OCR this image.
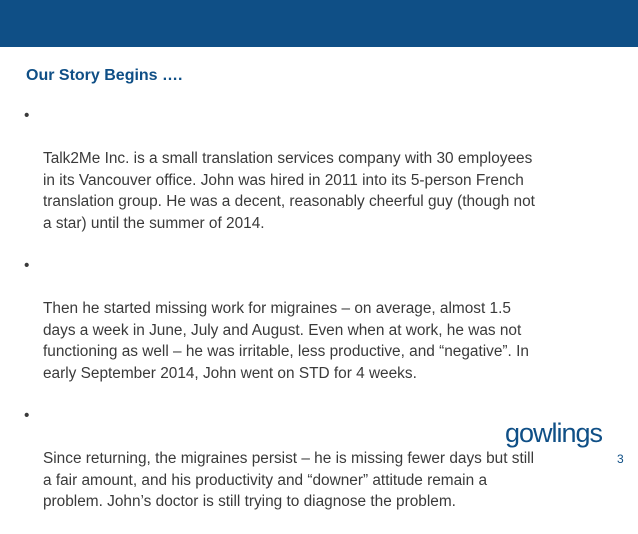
Our Story Begins ….

•

Talk2Me Inc. is a small translation services company with 30 employees
in its Vancouver office. John was hired in 2011 into its 5-person French
translation group. He was a decent, reasonably cheerful guy (though not
a star) until the summer of 2014.

•

Then he started missing work for migraines – on average, almost 1.5
days a week in June, July and August. Even when at work, he was not
functioning as well – he was irritable, less productive, and “negative”. In
early September 2014, John went on STD for 4 weeks.

•

Since returning, the migraines persist – he is missing fewer days but still
a fair amount, and his productivity and “downer” attitude remain a
problem. John’s doctor is still trying to diagnose the problem.

gowlings
3
